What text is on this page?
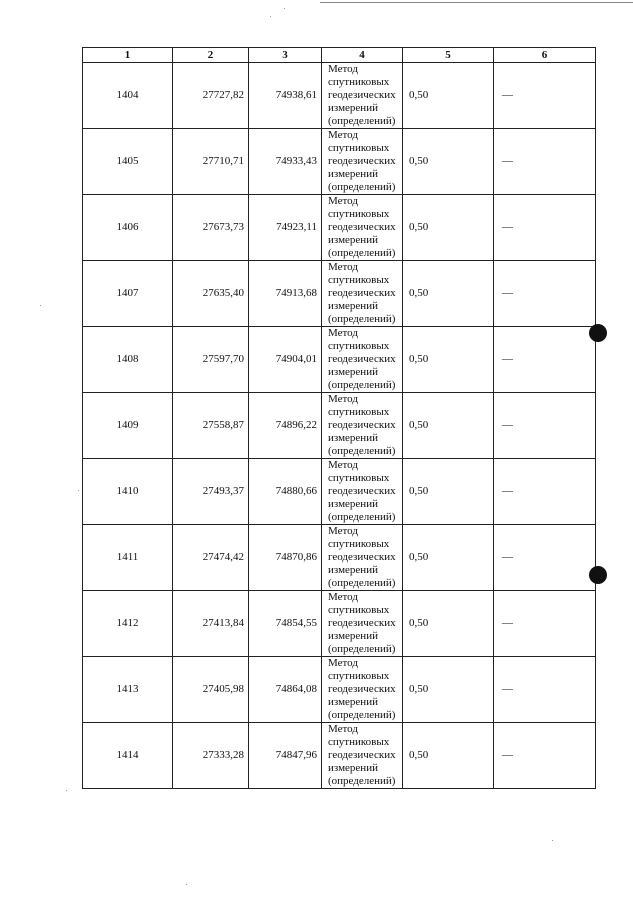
1	2	3	4	5	6
1404	27727,82	74938,61	Метод
спутниковых
геодезических
измерений
(определений)	0,50	—
1405	27710,71	74933,43	Метод
спутниковых
геодезических
измерений
(определений)	0,50	—
1406	27673,73	74923,11	Метод
спутниковых
геодезических
измерений
(определений)	0,50	—
1407	27635,40	74913,68	Метод
спутниковых
геодезических
измерений
(определений)	0,50	—
1408	27597,70	74904,01	Метод
спутниковых
геодезических
измерений
(определений)	0,50	—
1409	27558,87	74896,22	Метод
спутниковых
геодезических
измерений
(определений)	0,50	—
1410	27493,37	74880,66	Метод
спутниковых
геодезических
измерений
(определений)	0,50	—
1411	27474,42	74870,86	Метод
спутниковых
геодезических
измерений
(определений)	0,50	—
1412	27413,84	74854,55	Метод
спутниковых
геодезических
измерений
(определений)	0,50	—
1413	27405,98	74864,08	Метод
спутниковых
геодезических
измерений
(определений)	0,50	—
1414	27333,28	74847,96	Метод
спутниковых
геодезических
измерений
(определений)	0,50	—
